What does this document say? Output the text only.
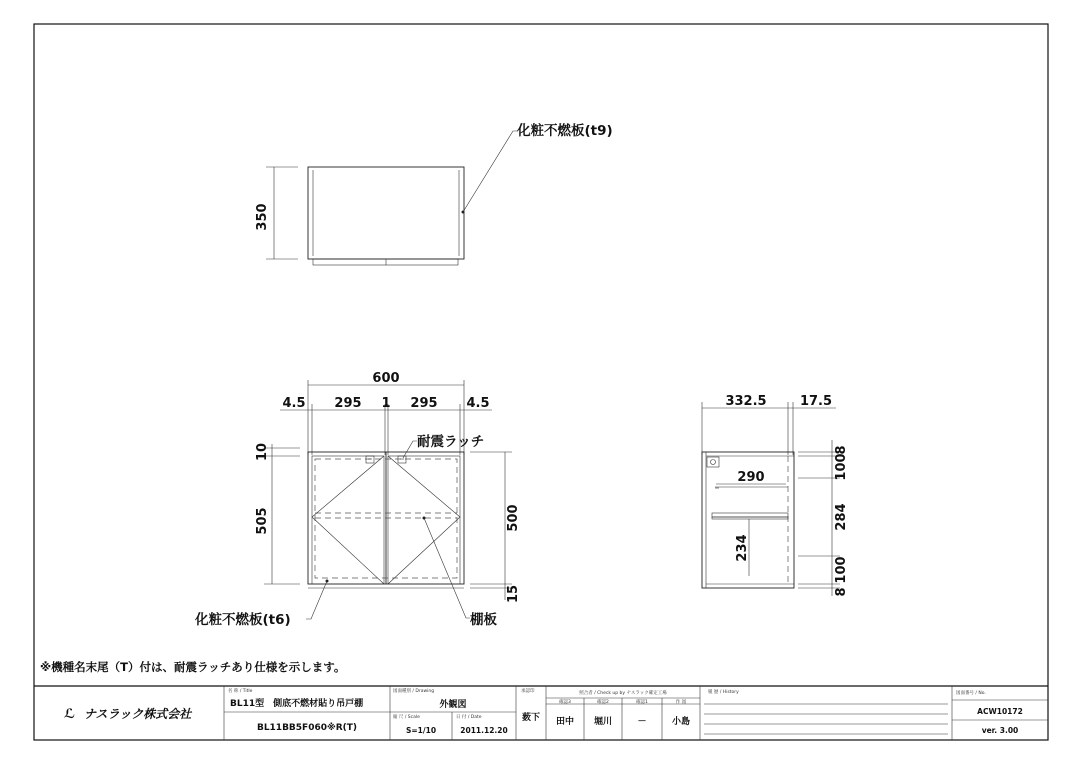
350
化粧不燃板(t9)
600
4.5 295 1 295 4.5
耐震ラッチ
10
505	500
15
棚板
化粧不燃板(t6)
332.5	17.5
290
234
8
100
284
100
8
※機種名末尾（T）付は、耐震ラッチあり仕様を示します。
ℒ ナスラック株式会社
名 称 / Title
BL11型　側底不燃材貼り吊戸棚
BL11BB5F060※R(T)
図面種別 / Drawing
外観図
縮 尺 / Scale
S=1/10
日 付 / Date
2011.12.20
承認印
薮下
照合者 / Check up by ナスラック確定工場
確認3	確認2	確認1	作 図
田中 堀川	－	小島
履 歴 / History	図面番号 / No.
ACW10172
ver. 3.00
